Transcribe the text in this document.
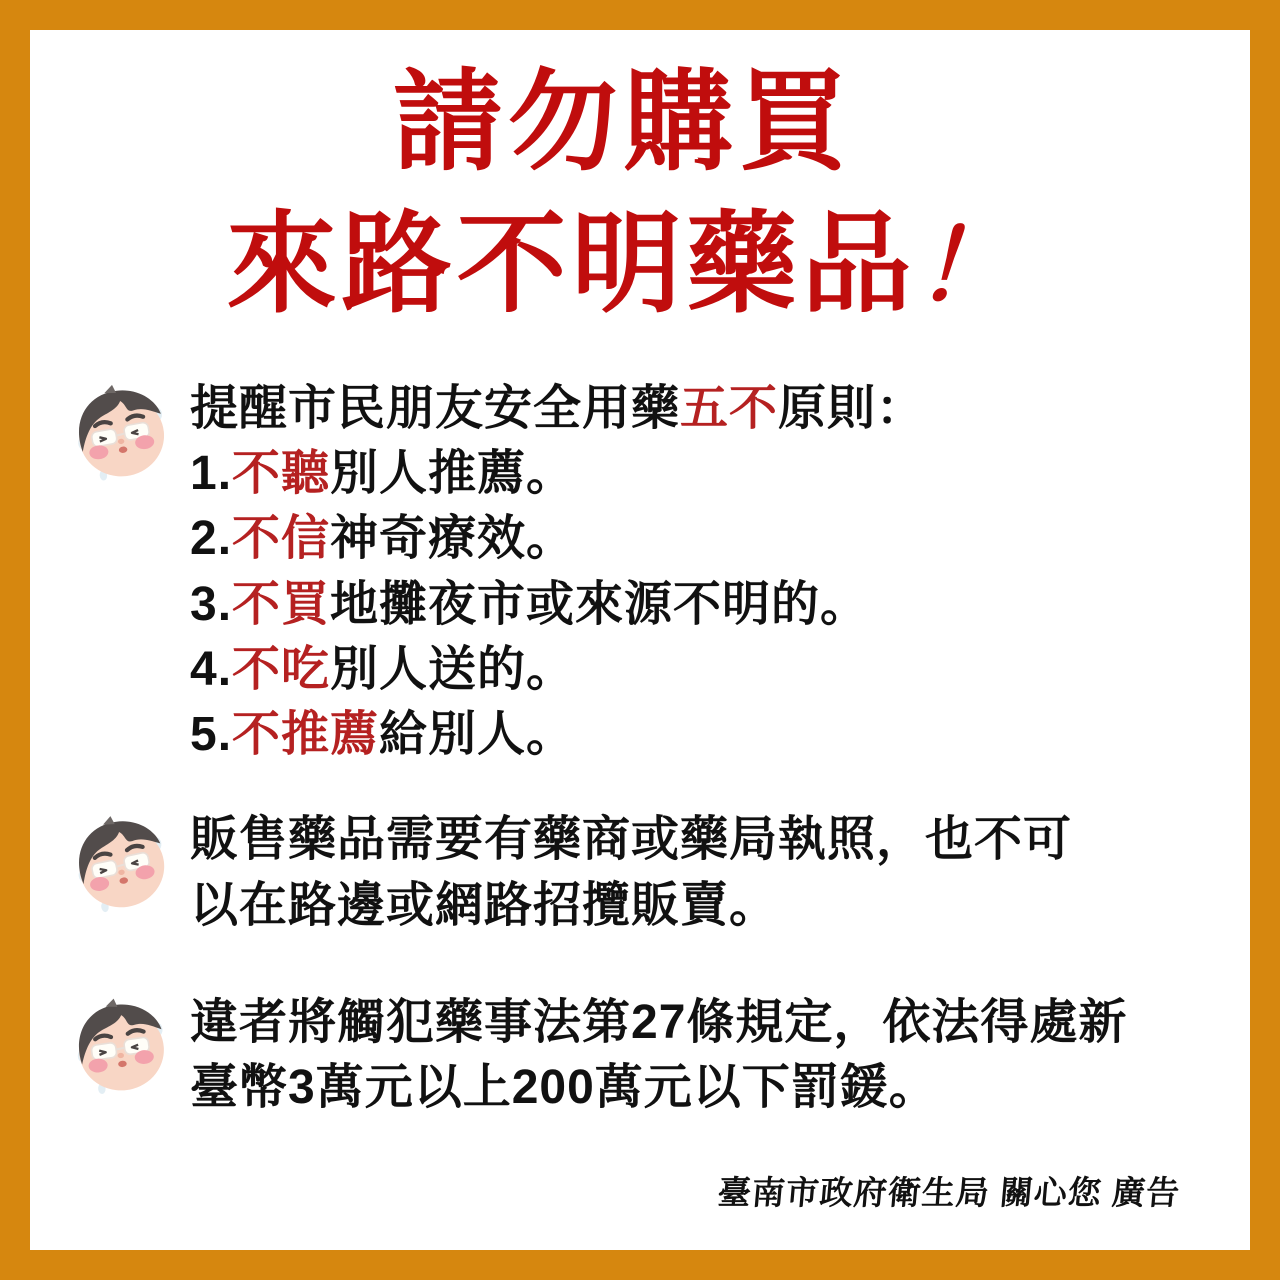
請勿購買
來路不明藥品！

提醒市民朋友安全用藥五不原則：

1.不聽別人推薦。

2.不信神奇療效。

3.不買地攤夜市或來源不明的。

4.不吃別人送的。

5.不推薦給別人。

販售藥品需要有藥商或藥局執照，也不可
以在路邊或網路招攬販賣。

違者將觸犯藥事法第27條規定，依法得處新
臺幣3萬元以上200萬元以下罰鍰。

臺南市政府衛生局 關心您 廣告
